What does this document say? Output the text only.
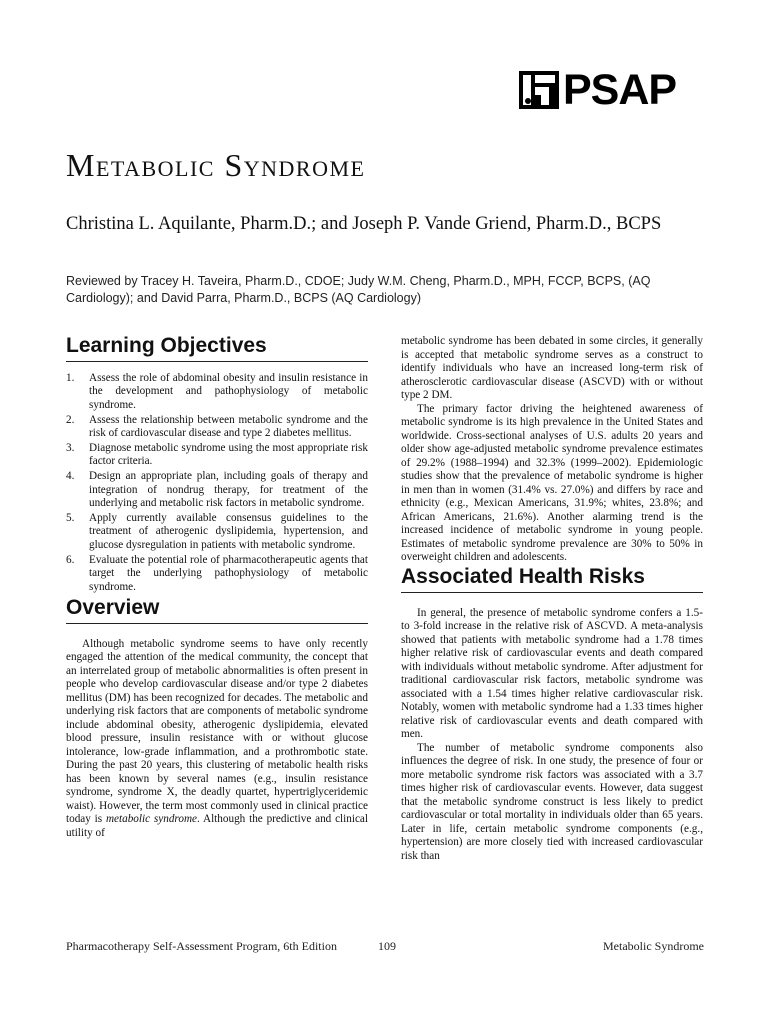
PSAP
Metabolic Syndrome

Christina L. Aquilante, Pharm.D.; and Joseph P. Vande Griend, Pharm.D., BCPS

Reviewed by Tracey H. Taveira, Pharm.D., CDOE; Judy W.M. Cheng, Pharm.D., MPH, FCCP, BCPS, (AQ Cardiology); and David Parra, Pharm.D., BCPS (AQ Cardiology)

Learning Objectives
1.	Assess the role of abdominal obesity and insulin resistance in the development and pathophysiology of metabolic syndrome.
2.	Assess the relationship between metabolic syndrome and the risk of cardiovascular disease and type 2 diabetes mellitus.
3.	Diagnose metabolic syndrome using the most appropriate risk factor criteria.
4.	Design an appropriate plan, including goals of therapy and integration of nondrug therapy, for treatment of the underlying and metabolic risk factors in metabolic syndrome.
5.	Apply currently available consensus guidelines to the treatment of atherogenic dyslipidemia, hypertension, and glucose dysregulation in patients with metabolic syndrome.
6.	Evaluate the potential role of pharmacotherapeutic agents that target the underlying pathophysiology of metabolic syndrome.
Overview

Although metabolic syndrome seems to have only recently engaged the attention of the medical community, the concept that an interrelated group of metabolic abnormalities is often present in people who develop cardiovascular disease and/or type 2 diabetes mellitus (DM) has been recognized for decades. The metabolic and underlying risk factors that are components of metabolic syndrome include abdominal obesity, atherogenic dyslipidemia, elevated blood pressure, insulin resistance with or without glucose intolerance, low-grade inflammation, and a prothrombotic state. During the past 20 years, this clustering of metabolic health risks has been known by several names (e.g., insulin resistance syndrome, syndrome X, the deadly quartet, hypertriglyceridemic waist). However, the term most commonly used in clinical practice today is metabolic syndrome. Although the predictive and clinical utility of

metabolic syndrome has been debated in some circles, it generally is accepted that metabolic syndrome serves as a construct to identify individuals who have an increased long-term risk of atherosclerotic cardiovascular disease (ASCVD) with or without type 2 DM.

The primary factor driving the heightened awareness of metabolic syndrome is its high prevalence in the United States and worldwide. Cross-sectional analyses of U.S. adults 20 years and older show age-adjusted metabolic syndrome prevalence estimates of 29.2% (1988–1994) and 32.3% (1999–2002). Epidemiologic studies show that the prevalence of metabolic syndrome is higher in men than in women (31.4% vs. 27.0%) and differs by race and ethnicity (e.g., Mexican Americans, 31.9%; whites, 23.8%; and African Americans, 21.6%). Another alarming trend is the increased incidence of metabolic syndrome in young people. Estimates of metabolic syndrome prevalence are 30% to 50% in overweight children and adolescents.

Associated Health Risks

In general, the presence of metabolic syndrome confers a 1.5- to 3-fold increase in the relative risk of ASCVD. A meta-analysis showed that patients with metabolic syndrome had a 1.78 times higher relative risk of cardiovascular events and death compared with individuals without metabolic syndrome. After adjustment for traditional cardiovascular risk factors, metabolic syndrome was associated with a 1.54 times higher relative cardiovascular risk. Notably, women with metabolic syndrome had a 1.33 times higher relative risk of cardiovascular events and death compared with men.

The number of metabolic syndrome components also influences the degree of risk. In one study, the presence of four or more metabolic syndrome risk factors was associated with a 3.7 times higher risk of cardiovascular events. However, data suggest that the metabolic syndrome construct is less likely to predict cardiovascular or total mortality in individuals older than 65 years. Later in life, certain metabolic syndrome components (e.g., hypertension) are more closely tied with increased cardiovascular risk than

Pharmacotherapy Self-Assessment Program, 6th Edition	109	Metabolic Syndrome
